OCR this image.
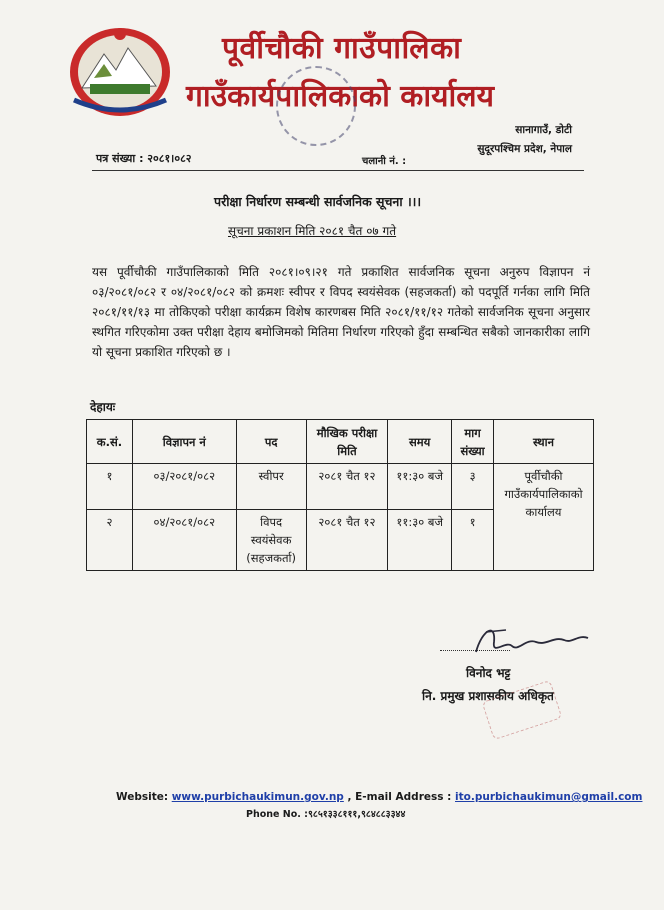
पूर्वीचौकी गाउँपालिका
गाउँकार्यपालिकाको कार्यालय
सानागाउँ, डोटी
सुदूरपश्चिम प्रदेश, नेपाल
पत्र संख्या : २०८१।०८२	चलानी नं. :
परीक्षा निर्धारण सम्बन्धी सार्वजनिक सूचना ।।।
सूचना प्रकाशन मिति २०८१ चैत ०७ गते
यस पूर्वीचौकी गाउँपालिकाको मिति २०८१।०९।२१ गते प्रकाशित सार्वजनिक सूचना अनुरुप विज्ञापन नं ०३/२०८१/०८२ र ०४/२०८१/०८२ को क्रमशः स्वीपर र विपद स्वयंसेवक (सहजकर्ता) को पदपूर्ति गर्नका लागि मिति २०८१/११/१३ मा तोकिएको परीक्षा कार्यक्रम विशेष कारणबस मिति २०८१/११/१२ गतेको सार्वजनिक सूचना अनुसार स्थगित गरिएकोमा उक्त परीक्षा देहाय बमोजिमको मितिमा निर्धारण गरिएको हुँदा सम्बन्धित सबैको जानकारीका लागि यो सूचना प्रकाशित गरिएको छ ।
देहायः
क.सं.	विज्ञापन नं	पद	मौखिक परीक्षा मिति	समय	माग संख्या	स्थान
१	०३/२०८१/०८२	स्वीपर	२०८१ चैत १२	११:३० बजे	३	पूर्वीचौकी गाउँकार्यपालिकाको कार्यालय
२	०४/२०८१/०८२	विपद स्वयंसेवक (सहजकर्ता)	२०८१ चैत १२	११:३० बजे	१	
विनोद भट्ट
नि. प्रमुख प्रशासकीय अधिकृत
Website: www.purbichaukimun.gov.np , E-mail Address : ito.purbichaukimun@gmail.com
Phone No. :९८५१३३८१११,९८४८८३३४४
